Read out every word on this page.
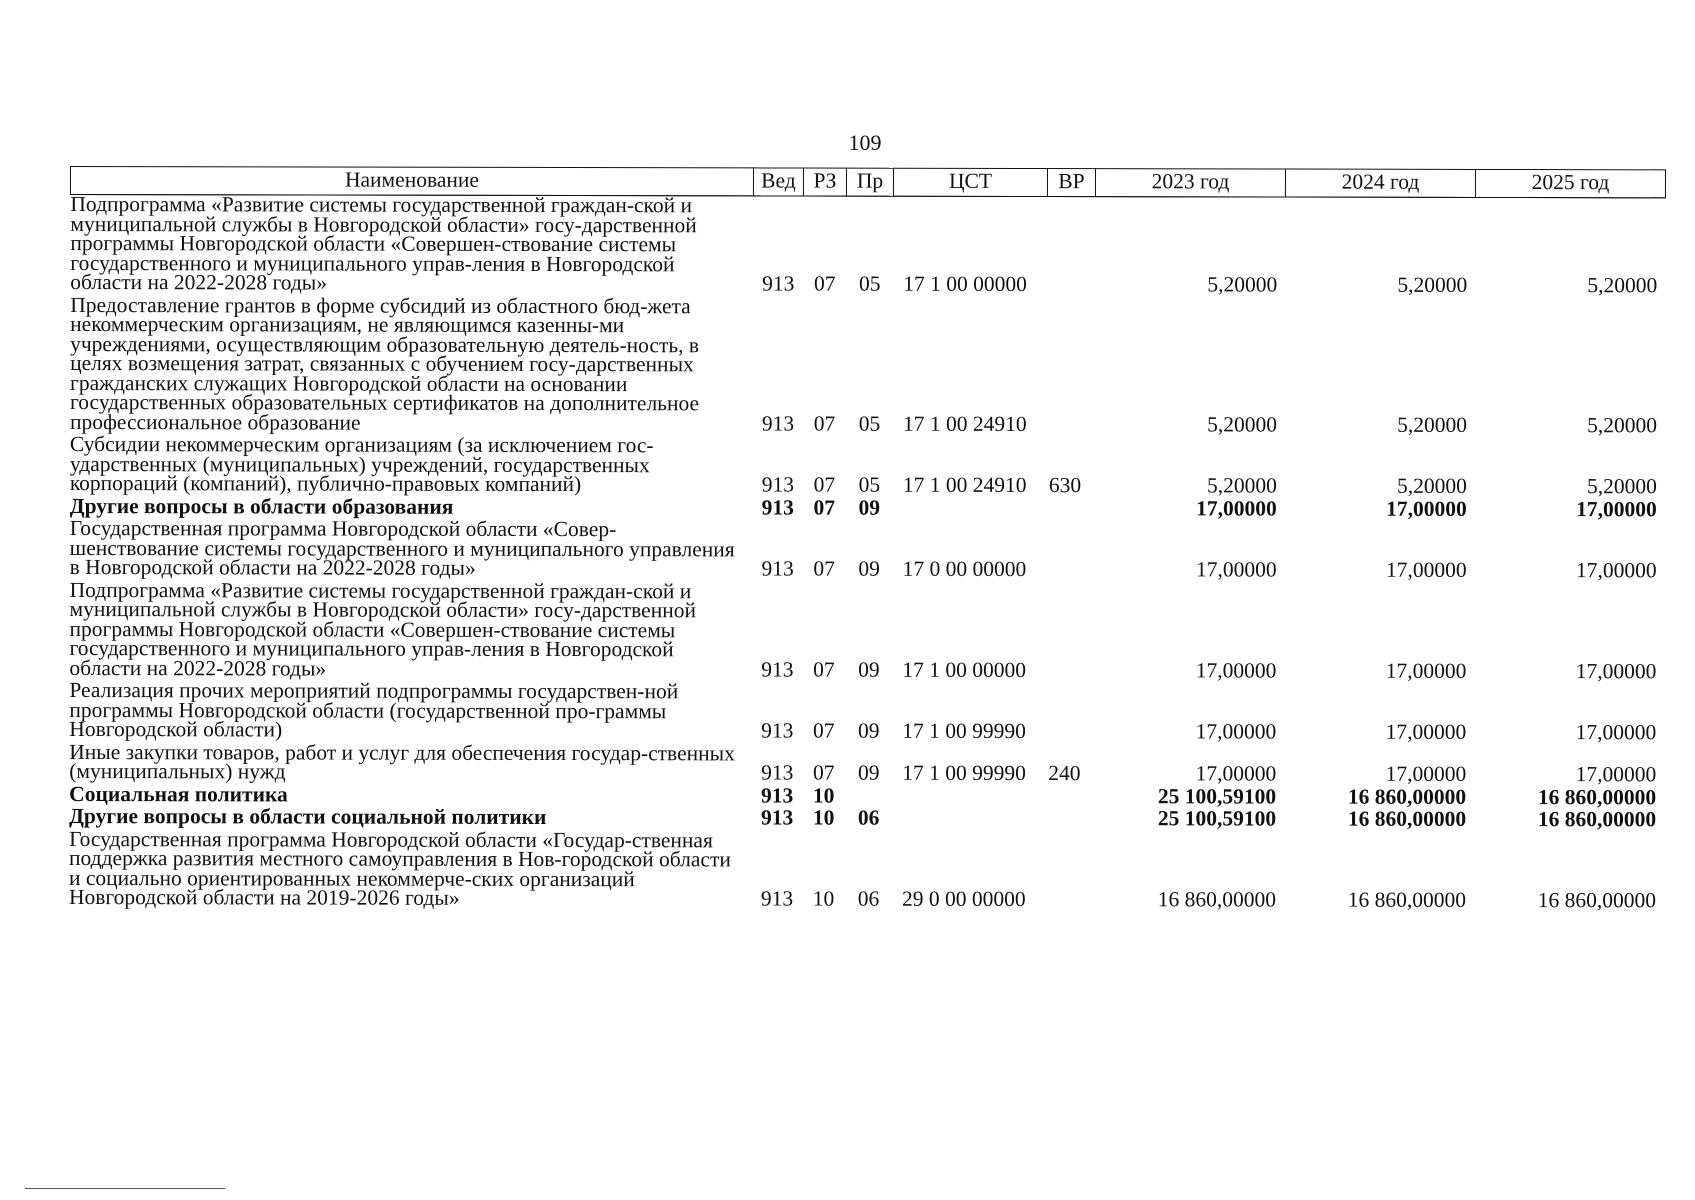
109
Наименование	Вед	РЗ	Пр	ЦСТ	ВР	2023 год	2024 год	2025 год
Подпрограмма «Развитие системы государственной граждан-ской и муниципальной службы в Новгородской области» госу-дарственной программы Новгородской области «Совершен-ствование системы государственного и муниципального управ-ления в Новгородской области на 2022-2028 годы»	913	07	05	17 1 00 00000		5,20000	5,20000	5,20000
Предоставление грантов в форме субсидий из областного бюд-жета некоммерческим организациям, не являющимся казенны-ми учреждениями, осуществляющим образовательную деятель-ность, в целях возмещения затрат, связанных с обучением госу-дарственных гражданских служащих Новгородской области на основании государственных образовательных сертификатов на дополнительное профессиональное образование	913	07	05	17 1 00 24910		5,20000	5,20000	5,20000
Субсидии некоммерческим организациям (за исключением гос-ударственных (муниципальных) учреждений, государственных корпораций (компаний), публично-правовых компаний)	913	07	05	17 1 00 24910	630	5,20000	5,20000	5,20000
Другие вопросы в области образования	913	07	09			17,00000	17,00000	17,00000
Государственная программа Новгородской области «Совер-шенствование системы государственного и муниципального управления в Новгородской области на 2022-2028 годы»	913	07	09	17 0 00 00000		17,00000	17,00000	17,00000
Подпрограмма «Развитие системы государственной граждан-ской и муниципальной службы в Новгородской области» госу-дарственной программы Новгородской области «Совершен-ствование системы государственного и муниципального управ-ления в Новгородской области на 2022-2028 годы»	913	07	09	17 1 00 00000		17,00000	17,00000	17,00000
Реализация прочих мероприятий подпрограммы государствен-ной программы Новгородской области (государственной про-граммы Новгородской области)	913	07	09	17 1 00 99990		17,00000	17,00000	17,00000
Иные закупки товаров, работ и услуг для обеспечения государ-ственных (муниципальных) нужд	913	07	09	17 1 00 99990	240	17,00000	17,00000	17,00000
Социальная политика	913	10				25 100,59100	16 860,00000	16 860,00000
Другие вопросы в области социальной политики	913	10	06			25 100,59100	16 860,00000	16 860,00000
Государственная программа Новгородской области «Государ-ственная поддержка развития местного самоуправления в Нов-городской области и социально ориентированных некоммерче-ских организаций Новгородской области на 2019-2026 годы»	913	10	06	29 0 00 00000		16 860,00000	16 860,00000	16 860,00000
